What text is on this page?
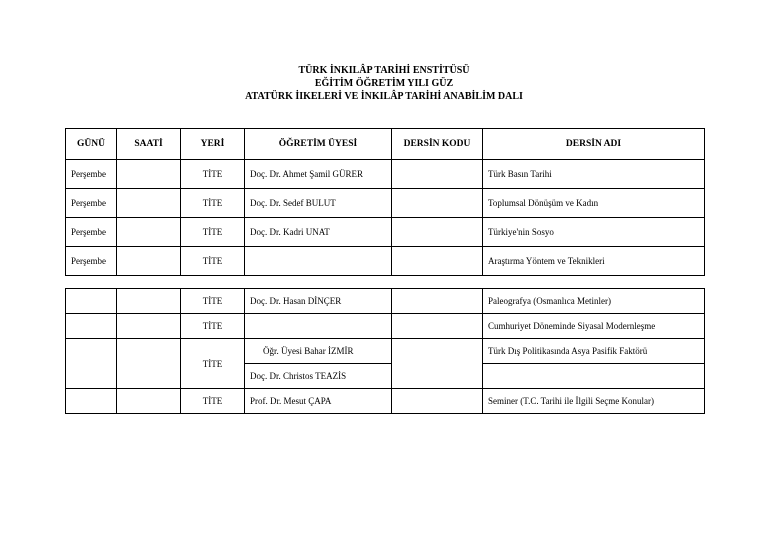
TÜRK İNKILÂP TARİHİ ENSTİTÜSÜ
EĞİTİM ÖĞRETİM YILI GÜZ
ATATÜRK İIKELERİ VE İNKILÂP TARİHİ ANABİLİM DALI
GÜNÜ	SAATİ	YERİ	ÖĞRETİM ÜYESİ	DERSİN KODU	DERSİN ADI
Perşembe		TİTE	Doç. Dr. Ahmet Şamil GÜRER		Türk Basın Tarihi
Perşembe		TİTE	Doç. Dr. Sedef BULUT		Toplumsal Dönüşüm ve Kadın
Perşembe		TİTE	Doç. Dr. Kadri UNAT		Türkiye'nin Sosyo
Perşembe		TİTE			Araştırma Yöntem ve Teknikleri
		TİTE	Doç. Dr. Hasan DİNÇER		Paleografya (Osmanlıca Metinler)
		TİTE			Cumhuriyet Döneminde Siyasal Modernleşme
		TİTE	Öğr. Üyesi Bahar İZMİR		Türk Dış Politikasında Asya Pasifik Faktörü
			Doç. Dr. Christos TEAZİS		
		TİTE	Prof. Dr. Mesut ÇAPA		Seminer (T.C. Tarihi ile İlgili Seçme Konular)
